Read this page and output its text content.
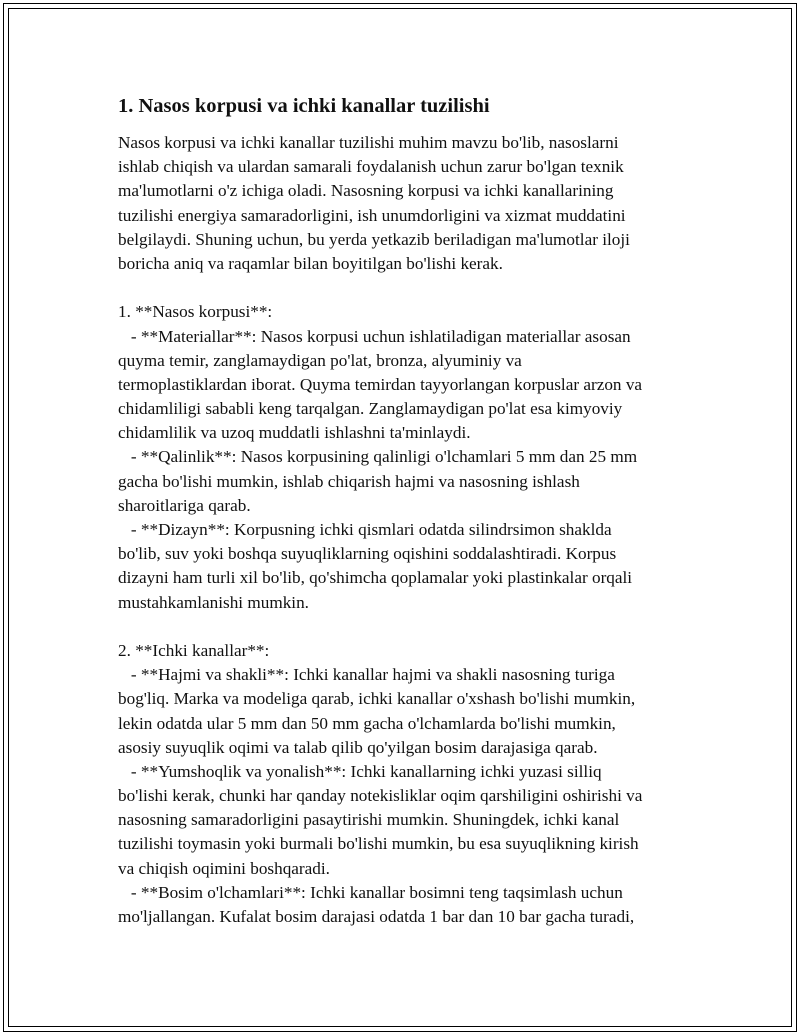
1. Nasos korpusi va ichki kanallar tuzilishi
Nasos korpusi va ichki kanallar tuzilishi muhim mavzu bo'lib, nasoslarni
ishlab chiqish va ulardan samarali foydalanish uchun zarur bo'lgan texnik
ma'lumotlarni o'z ichiga oladi. Nasosning korpusi va ichki kanallarining
tuzilishi energiya samaradorligini, ish unumdorligini va xizmat muddatini
belgilaydi. Shuning uchun, bu yerda yetkazib beriladigan ma'lumotlar iloji
boricha aniq va raqamlar bilan boyitilgan bo'lishi kerak.
1. **Nasos korpusi**:
- **Materiallar**: Nasos korpusi uchun ishlatiladigan materiallar asosan
quyma temir, zanglamaydigan po'lat, bronza, alyuminiy va
termoplastiklardan iborat. Quyma temirdan tayyorlangan korpuslar arzon va
chidamliligi sababli keng tarqalgan. Zanglamaydigan po'lat esa kimyoviy
chidamlilik va uzoq muddatli ishlashni ta'minlaydi.
- **Qalinlik**: Nasos korpusining qalinligi o'lchamlari 5 mm dan 25 mm
gacha bo'lishi mumkin, ishlab chiqarish hajmi va nasosning ishlash
sharoitlariga qarab.
- **Dizayn**: Korpusning ichki qismlari odatda silindrsimon shaklda
bo'lib, suv yoki boshqa suyuqliklarning oqishini soddalashtiradi. Korpus
dizayni ham turli xil bo'lib, qo'shimcha qoplamalar yoki plastinkalar orqali
mustahkamlanishi mumkin.
2. **Ichki kanallar**:
- **Hajmi va shakli**: Ichki kanallar hajmi va shakli nasosning turiga
bog'liq. Marka va modeliga qarab, ichki kanallar o'xshash bo'lishi mumkin,
lekin odatda ular 5 mm dan 50 mm gacha o'lchamlarda bo'lishi mumkin,
asosiy suyuqlik oqimi va talab qilib qo'yilgan bosim darajasiga qarab.
- **Yumshoqlik va yonalish**: Ichki kanallarning ichki yuzasi silliq
bo'lishi kerak, chunki har qanday notekisliklar oqim qarshiligini oshirishi va
nasosning samaradorligini pasaytirishi mumkin. Shuningdek, ichki kanal
tuzilishi toymasin yoki burmali bo'lishi mumkin, bu esa suyuqlikning kirish
va chiqish oqimini boshqaradi.
- **Bosim o'lchamlari**: Ichki kanallar bosimni teng taqsimlash uchun
mo'ljallangan. Kufalat bosim darajasi odatda 1 bar dan 10 bar gacha turadi,
